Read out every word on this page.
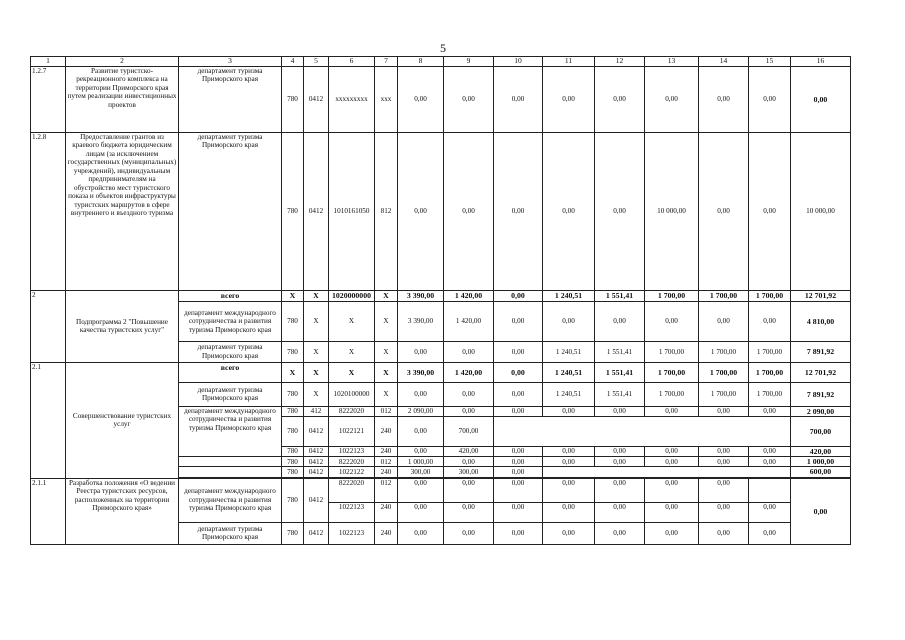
5
1	2	3	4	5	6	7	8	9	10	11	12	13	14	15	16
1.2.7	Развитие туристско-рекреационного комплекса на территории Приморского края путем реализации инвестиционных проектов	департамент туризма Приморского края	780	0412	xxxxxxxxx	xxx	0,00	0,00	0,00	0,00	0,00	0,00	0,00	0,00	0,00
1.2.8	Предоставление грантов из краевого бюджета юридическим лицам (за исключением государственных (муниципальных) учреждений), индивидуальным предпринимателям на обустройство мест туристского показа и объектов инфраструктуры туристских маршрутов в сфере внутреннего и въездного туризма	департамент туризма Приморского края	780	0412	1010161050	812	0,00	0,00	0,00	0,00	0,00	10 000,00	0,00	0,00	10 000,00
2	Подпрограмма 2 "Повышение качества туристских услуг"	всего	Х	Х	1020000000	Х	3 390,00	1 420,00	0,00	1 240,51	1 551,41	1 700,00	1 700,00	1 700,00	12 701,92
		департамент международного сотрудничества и развития туризма Приморского края	780	Х	Х	Х	3 390,00	1 420,00	0,00	0,00	0,00	0,00	0,00	0,00	4 810,00
		департамент туризма Приморского края	780	Х	Х	Х	0,00	0,00	0,00	1 240,51	1 551,41	1 700,00	1 700,00	1 700,00	7 891,92
2.1	Совершенствование туристских услуг	всего	Х	Х	Х	Х	3 390,00	1 420,00	0,00	1 240,51	1 551,41	1 700,00	1 700,00	1 700,00	12 701,92
		департамент туризма Приморского края	780	Х	1020100000	Х	0,00	0,00	0,00	1 240,51	1 551,41	1 700,00	1 700,00	1 700,00	7 891,92
		департамент международного сотрудничества и развития туризма Приморского края	780	412	8222020	012	2 090,00	0,00	0,00	0,00	0,00	0,00	0,00	0,00	2 090,00
			780	0412	1022121	240	0,00	700,00							700,00
			780	0412	1022123	240	0,00	420,00	0,00	0,00	0,00	0,00	0,00	0,00	420,00
			780	0412	8222020	012	1 000,00	0,00	0,00	0,00	0,00	0,00	0,00	0,00	1 000,00
			780	0412	1022122	240	300,00	300,00	0,00						600,00

2.1.1	Разработка положения «О ведении Реестра туристских ресурсов, расположенных на территории Приморского края»	департамент международного сотрудничества и развития туризма Приморского края	780	0412	8222020	012	0,00	0,00	0,00	0,00	0,00	0,00	0,00		0,00
					1022123	240	0,00	0,00	0,00	0,00	0,00	0,00	0,00	0,00	
		департамент туризма Приморского края	780	0412	1022123	240	0,00	0,00	0,00	0,00	0,00	0,00	0,00	0,00	
